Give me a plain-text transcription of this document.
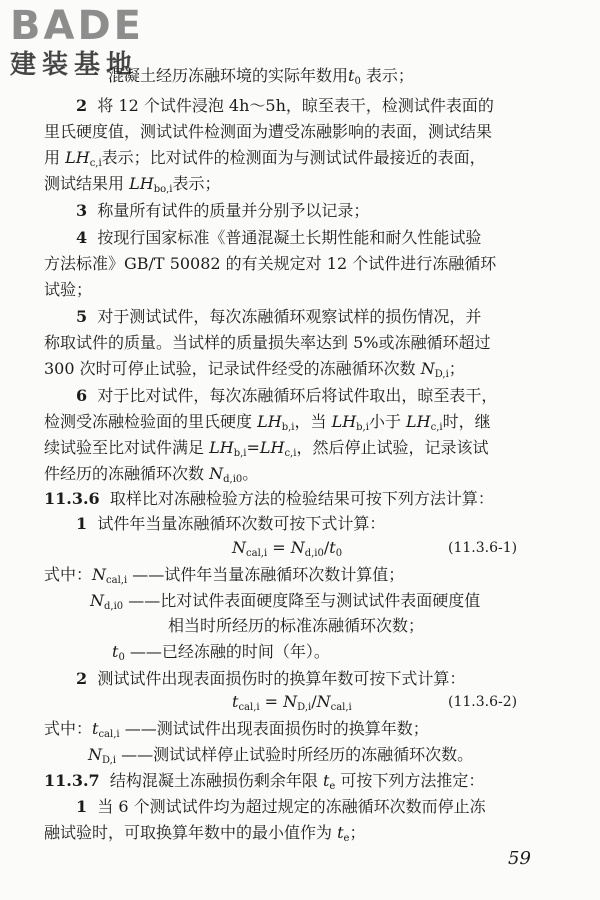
BADE
建装基地
混凝土经历冻融环境的实际年数用$t_0$ 表示；
2 将 12 个试件浸泡 4h～5h，晾至表干，检测试件表面的
里氏硬度值，测试试件检测面为遭受冻融影响的表面，测试结果
用 $LH_{c,i}$表示；比对试件的检测面为与测试试件最接近的表面，
测试结果用 $LH_{bo,i}$表示；
3 称量所有试件的质量并分别予以记录；
4 按现行国家标准《普通混凝土长期性能和耐久性能试验
方法标准》GB/T 50082 的有关规定对 12 个试件进行冻融循环
试验；
5 对于测试试件，每次冻融循环观察试样的损伤情况，并
称取试件的质量。当试样的质量损失率达到 5%或冻融循环超过
300 次时可停止试验，记录试件经受的冻融循环次数 $N_{D,i}$；
6 对于比对试件，每次冻融循环后将试件取出，晾至表干，
检测受冻融检验面的里氏硬度 $LH_{b,i}$，当 $LH_{b,i}$小于 $LH_{c,i}$时，继
续试验至比对试件满足 $LH_{b,i}=LH_{c,i}$，然后停止试验，记录该试
件经历的冻融循环次数 $N_{d,i0}$。
11.3.6 取样比对冻融检验方法的检验结果可按下列方法计算：
1 试件年当量冻融循环次数可按下式计算：
$N_{cal,i} = N_{d,i0}/t_0$	(11.3.6-1)
式中：$N_{cal,i}$ ——试件年当量冻融循环次数计算值；
$N_{d,i0}$ ——比对试件表面硬度降至与测试试件表面硬度值
相当时所经历的标准冻融循环次数；
$t_0$ ——已经冻融的时间（年）。
2 测试试件出现表面损伤时的换算年数可按下式计算：
$t_{cal,i} = N_{D,i}/N_{cal,i}$	(11.3.6-2)
式中：$t_{cal,i}$ ——测试试件出现表面损伤时的换算年数；
$N_{D,i}$ ——测试试样停止试验时所经历的冻融循环次数。
11.3.7 结构混凝土冻融损伤剩余年限 $t_e$ 可按下列方法推定：
1 当 6 个测试试件均为超过规定的冻融循环次数而停止冻
融试验时，可取换算年数中的最小值作为 $t_e$；
59
